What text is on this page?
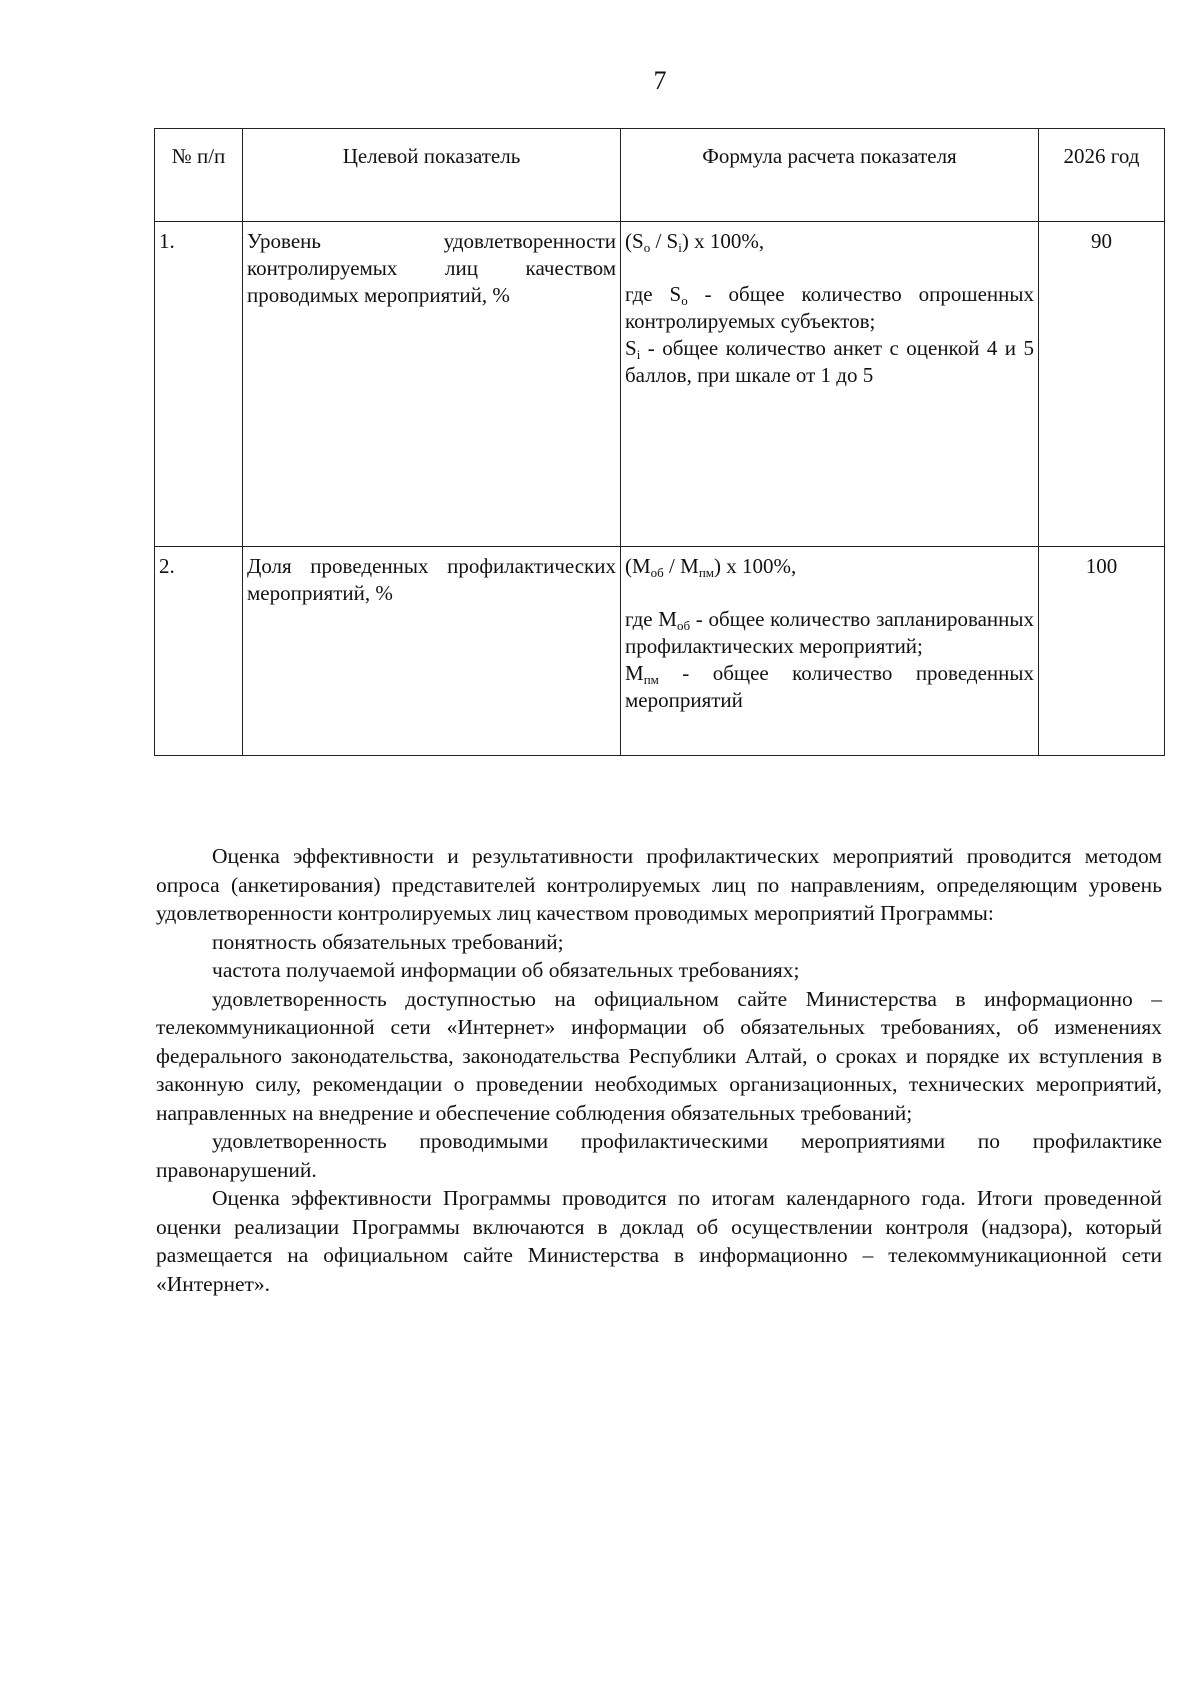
7
№ п/п	Целевой показатель	Формула расчета показателя	2026 год
1.	Уровень удовлетворенности контролируемых лиц качеством проводимых мероприятий, %	$(S_o / S_i)$ x 100%,

где $S_o$ - общее количество опрошенных контролируемых субъектов;

$S_i$ - общее количество анкет с оценкой 4 и 5 баллов, при шкале от 1 до 5	90
2.	Доля проведенных профилактических мероприятий, %	$(M_{об} / M_{пм})$ x 100%,

где $M_{об}$ - общее количество запланированных профилактических мероприятий;

$M_{пм}$ - общее количество проведенных мероприятий	100

Оценка эффективности и результативности профилактических мероприятий проводится методом опроса (анкетирования) представителей контролируемых лиц по направлениям, определяющим уровень удовлетворенности контролируемых лиц качеством проводимых мероприятий Программы:

понятность обязательных требований;

частота получаемой информации об обязательных требованиях;

удовлетворенность доступностью на официальном сайте Министерства в информационно – телекоммуникационной сети «Интернет» информации об обязательных требованиях, об изменениях федерального законодательства, законодательства Республики Алтай, о сроках и порядке их вступления в законную силу, рекомендации о проведении необходимых организационных, технических мероприятий, направленных на внедрение и обеспечение соблюдения обязательных требований;

удовлетворенность проводимыми профилактическими мероприятиями по профилактике правонарушений.

Оценка эффективности Программы проводится по итогам календарного года. Итоги проведенной оценки реализации Программы включаются в доклад об осуществлении контроля (надзора), который размещается на официальном сайте Министерства в информационно – телекоммуникационной сети «Интернет».
